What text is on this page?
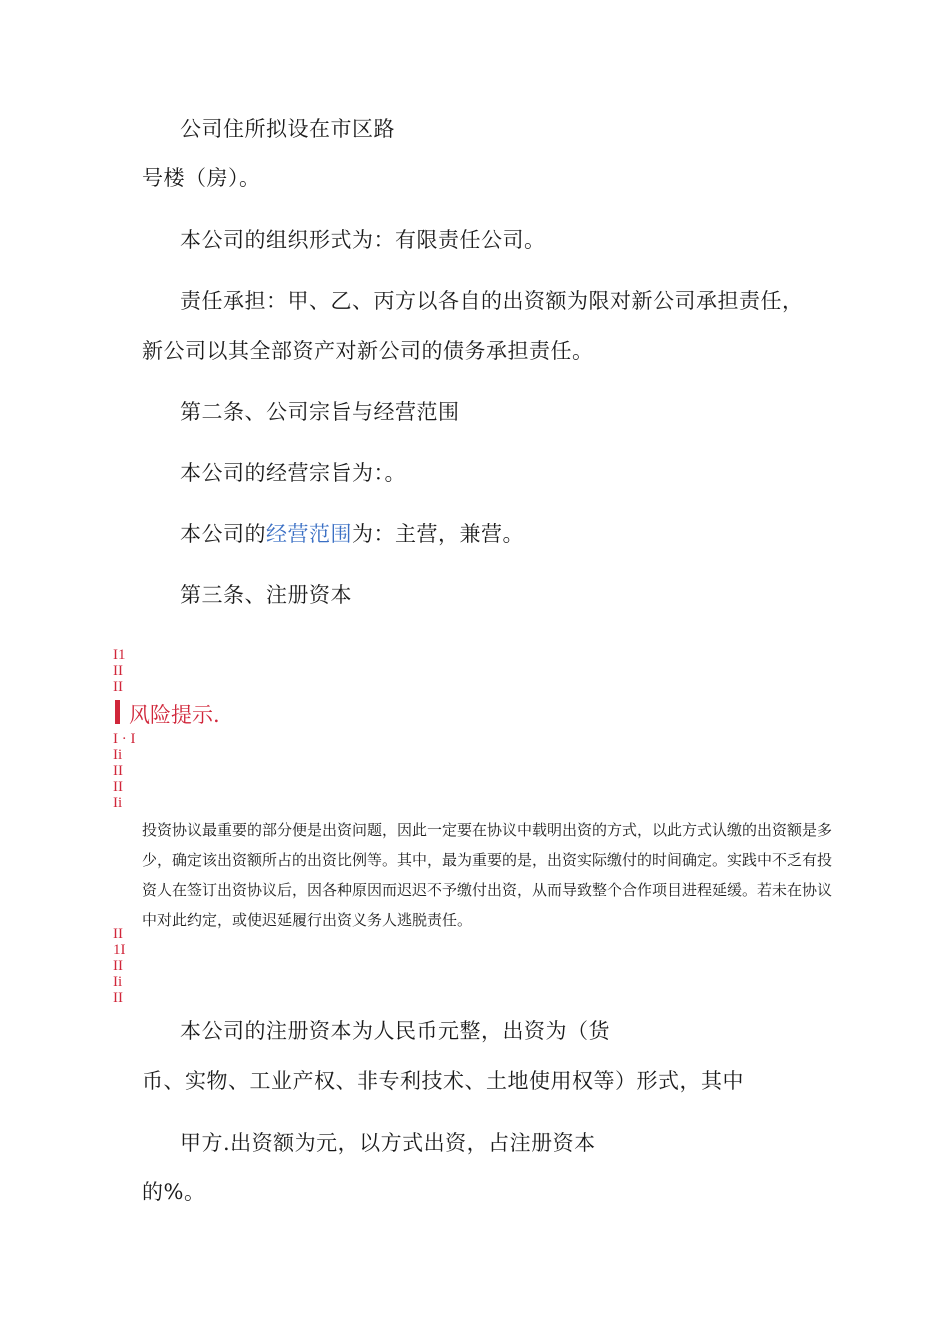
公司住所拟设在市区路
号楼（房）。
本公司的组织形式为：有限责任公司。
责任承担：甲、乙、丙方以各自的出资额为限对新公司承担责任，
新公司以其全部资产对新公司的债务承担责任。
第二条、公司宗旨与经营范围
本公司的经营宗旨为：。
本公司的经营范围为：主营，兼营。
第三条、注册资本
I1
II
II
风险提示.
I · I
Ii
II
II
Ii
投资协议最重要的部分便是出资问题，因此一定要在协议中载明出资的方式，以此方式认缴的出资额是多少，确定该出资额所占的出资比例等。其中，最为重要的是，出资实际缴付的时间确定。实践中不乏有投资人在签订出资协议后，因各种原因而迟迟不予缴付出资，从而导致整个合作项目进程延缓。若未在协议中对此约定，或使迟延履行出资义务人逃脱责任。
II
1I
II
Ii
II
本公司的注册资本为人民币元整，出资为（货
币、实物、工业产权、非专利技术、土地使用权等）形式，其中
甲方.出资额为元，以方式出资，占注册资本
的%。
